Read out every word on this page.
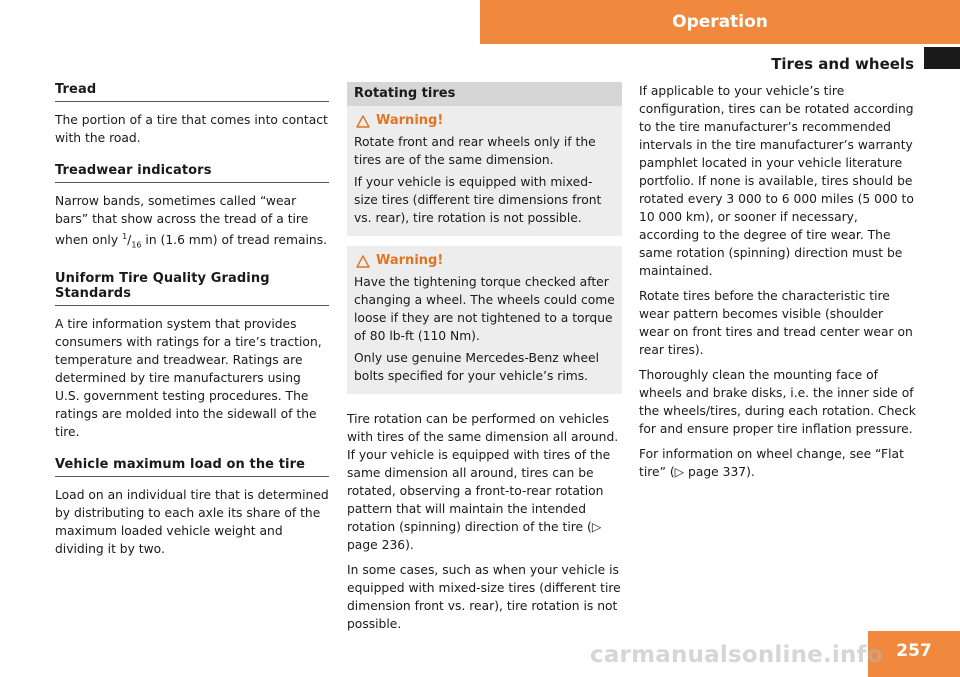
Operation
Tires and wheels
Tread
The portion of a tire that comes into contact with the road.
Treadwear indicators
Narrow bands, sometimes called “wear bars” that show across the tread of a tire when only $^1/_{16}$ in (1.6 mm) of tread remains.
Uniform Tire Quality Grading Standards
A tire information system that provides consumers with ratings for a tire’s traction, temperature and treadwear. Ratings are determined by tire manufacturers using U.S. government testing procedures. The ratings are molded into the sidewall of the tire.
Vehicle maximum load on the tire
Load on an individual tire that is determined by distributing to each axle its share of the maximum loaded vehicle weight and dividing it by two.
Rotating tires
Warning!
Rotate front and rear wheels only if the tires are of the same dimension.
If your vehicle is equipped with mixed-size tires (different tire dimensions front vs. rear), tire rotation is not possible.
Warning!
Have the tightening torque checked after changing a wheel. The wheels could come loose if they are not tightened to a torque of 80 lb-ft (110 Nm).
Only use genuine Mercedes-Benz wheel bolts specified for your vehicle’s rims.
Tire rotation can be performed on vehicles with tires of the same dimension all around. If your vehicle is equipped with tires of the same dimension all around, tires can be rotated, observing a front-to-rear rotation pattern that will maintain the intended rotation (spinning) direction of the tire (▷ page 236).
In some cases, such as when your vehicle is equipped with mixed-size tires (different tire dimension front vs. rear), tire rotation is not possible.
If applicable to your vehicle’s tire configuration, tires can be rotated according to the tire manufacturer’s recommended intervals in the tire manufacturer’s warranty pamphlet located in your vehicle literature portfolio. If none is available, tires should be rotated every 3 000 to 6 000 miles (5 000 to 10 000 km), or sooner if necessary, according to the degree of tire wear. The same rotation (spinning) direction must be maintained.
Rotate tires before the characteristic tire wear pattern becomes visible (shoulder wear on front tires and tread center wear on rear tires).
Thoroughly clean the mounting face of wheels and brake disks, i.e. the inner side of the wheels/tires, during each rotation. Check for and ensure proper tire inflation pressure.
For information on wheel change, see “Flat tire” (▷ page 337).
257
carmanualsonline.info
